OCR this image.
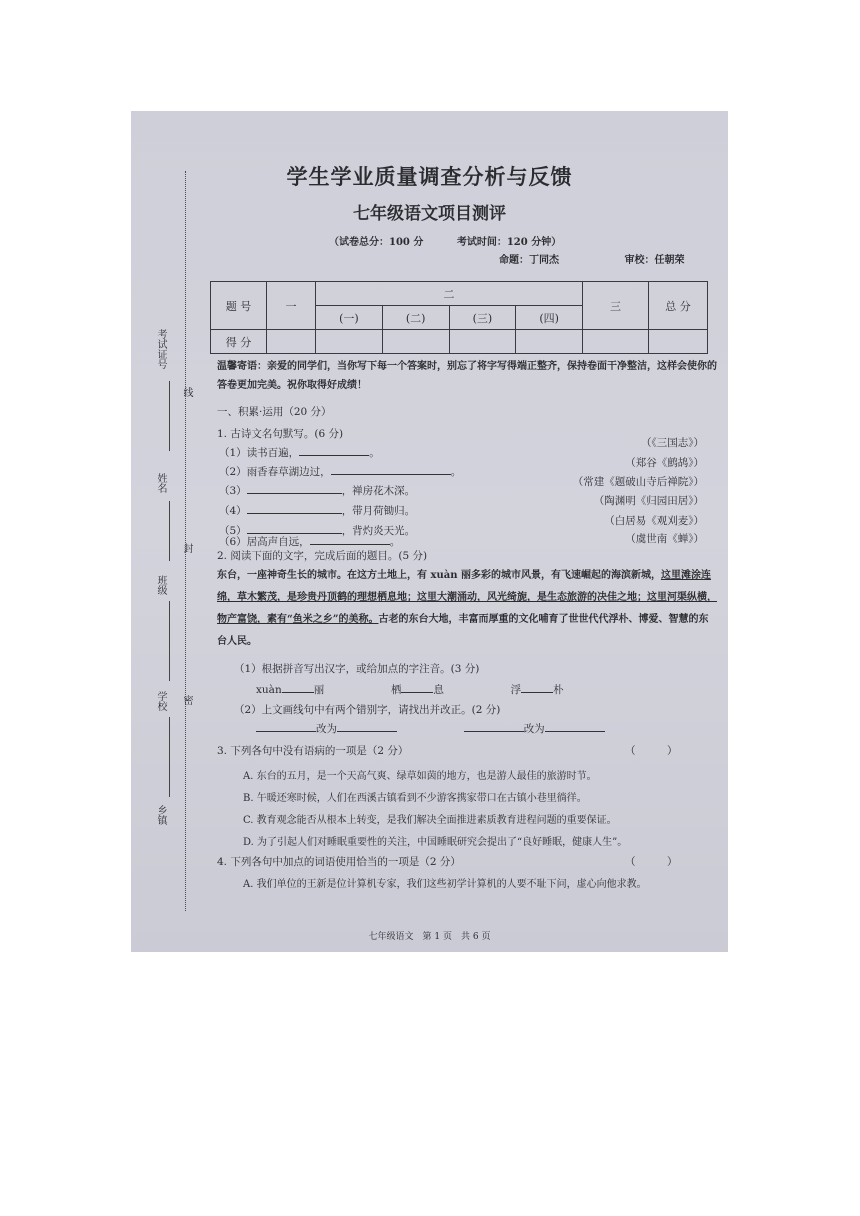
考试证号
线
姓名
封
班级
学校 密
乡镇
学生学业质量调查分析与反馈
七年级语文项目测评
（试卷总分：100 分	考试时间：120 分钟）
命题：丁同杰	审校：任朝荣
题 号	一	二				三	总 分
		(一)	(二)	(三)	(四)		
得 分							
温馨寄语：亲爱的同学们，当你写下每一个答案时，别忘了将字写得端正整齐，保持卷面干净整洁，这样会使你的答卷更加完美。祝你取得好成绩！
一、积累·运用（20 分）
1. 古诗文名句默写。(6 分)
（1）读书百遍，	。
（《三国志》）
（2）雨香春草湖边过，	。
（郑谷《鹧鸪》）
（3）	，禅房花木深。
（常建《题破山寺后禅院》）
（4）	，带月荷锄归。
（陶渊明《归园田居》）
（5）	，背灼炎天光。
（白居易《观刈麦》）
（6）居高声自远，	。	（虞世南《蝉》）
2. 阅读下面的文字，完成后面的题目。(5 分)
东台，一座神奇生长的城市。在这方土地上，有 xuàn 丽多彩的城市风景，有飞速崛起的海滨新城，这里滩涂连绵，草木繁茂，是珍贵丹顶鹤的理想栖息地；这里大潮涌动，风光绮旎，是生态旅游的决佳之地；这里河渠纵横，物产富饶，素有“鱼米之乡”的美称。古老的东台大地，丰富而厚重的文化哺育了世世代代浮朴、博爱、智慧的东台人民。
（1）根据拼音写出汉字，或给加点的字注音。(3 分)
xuàn	丽	栖	息	浮	朴
（2）上文画线句中有两个错别字，请找出并改正。(2 分)
改为	改为
3. 下列各句中没有语病的一项是（2 分）	（　　　）
A. 东台的五月，是一个天高气爽、绿草如茵的地方，也是游人最佳的旅游时节。
B. 午暖还寒时候，人们在西溪古镇看到不少游客携家带口在古镇小巷里徜徉。
C. 教育观念能否从根本上转变，是我们解决全面推进素质教育进程问题的重要保证。
D. 为了引起人们对睡眠重要性的关注，中国睡眠研究会提出了“良好睡眠，健康人生”。
4. 下列各句中加点的词语使用恰当的一项是（2 分）	（　　　）
A. 我们单位的王新是位计算机专家，我们这些初学计算机的人要不耻下问，虚心向他求教。
七年级语文　第 1 页　共 6 页
